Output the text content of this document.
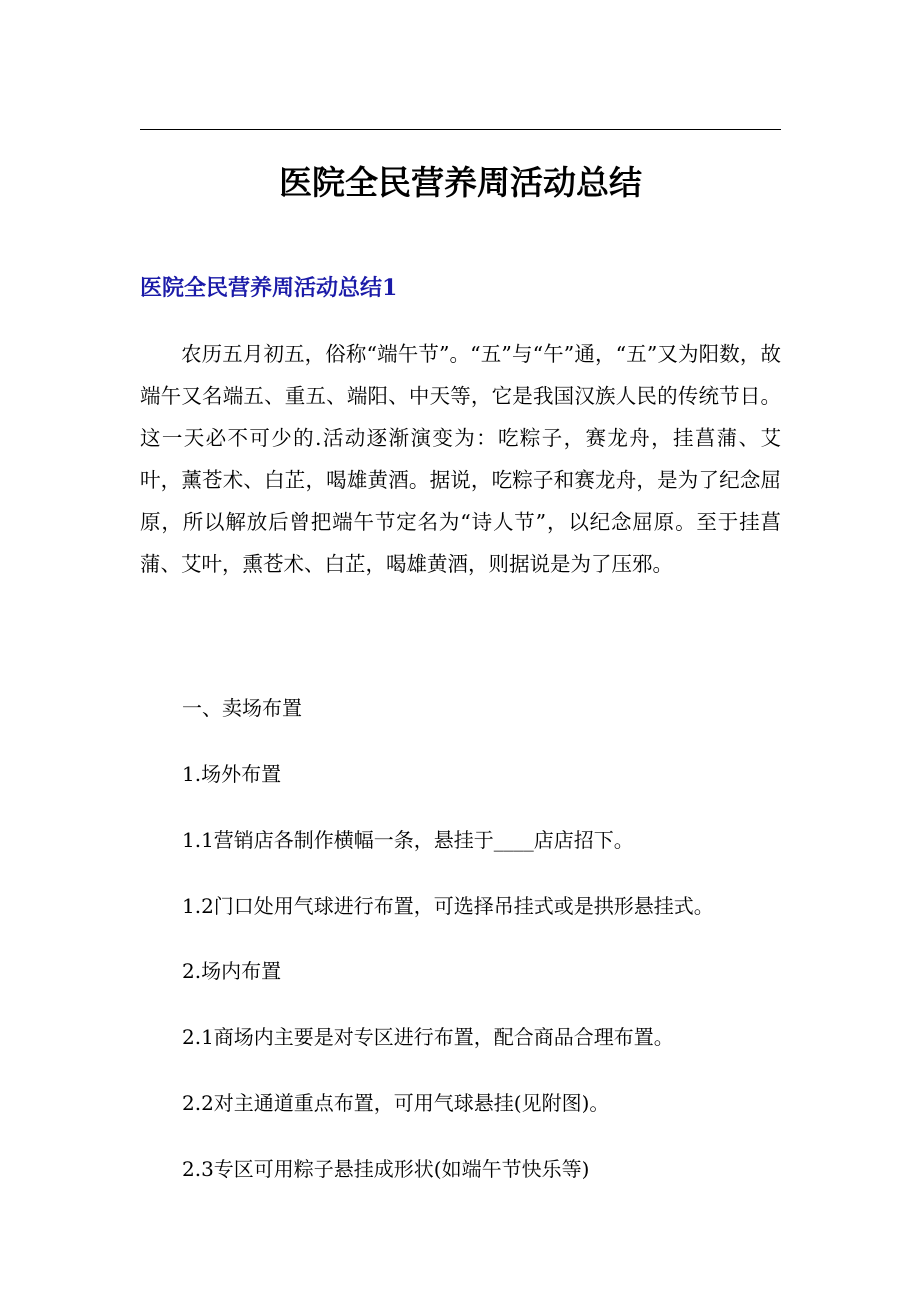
医院全民营养周活动总结
医院全民营养周活动总结1

农历五月初五，俗称“端午节”。“五”与“午”通，“五”又为阳数，故端午又名端五、重五、端阳、中天等，它是我国汉族人民的传统节日。这一天必不可少的.活动逐渐演变为：吃粽子，赛龙舟，挂菖蒲、艾叶，薰苍术、白芷，喝雄黄酒。据说，吃粽子和赛龙舟，是为了纪念屈原，所以解放后曾把端午节定名为“诗人节”，以纪念屈原。至于挂菖蒲、艾叶，熏苍术、白芷，喝雄黄酒，则据说是为了压邪。

一、卖场布置

1.场外布置

1.1营销店各制作横幅一条，悬挂于____店店招下。

1.2门口处用气球进行布置，可选择吊挂式或是拱形悬挂式。

2.场内布置

2.1商场内主要是对专区进行布置，配合商品合理布置。

2.2对主通道重点布置，可用气球悬挂(见附图)。

2.3专区可用粽子悬挂成形状(如端午节快乐等)
